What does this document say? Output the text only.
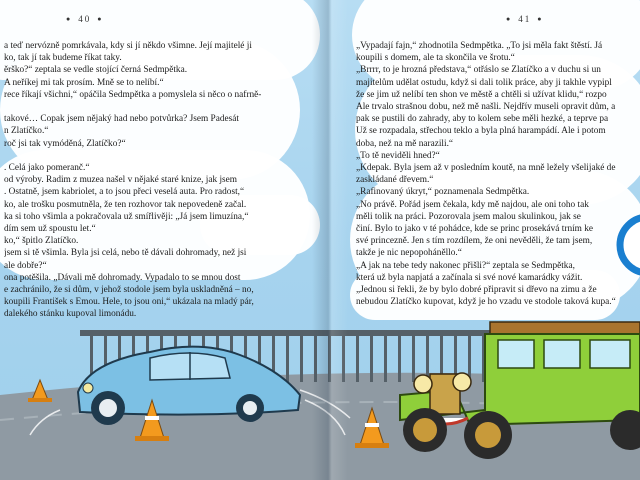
● 40 ●	● 41 ●

a teď nervózně pomrkávala, kdy si jí někdo všimne. Její majitelé ji

ko, tak jí tak budeme říkat taky.

ěrško?“ zeptala se vedle stojící černá Sedmpětka.

A neříkej mi tak prosím. Mně se to nelíbí.“

rece říkají všichni,“ opáčila Sedmpětka a pomyslela si něco o nafrně-

takové… Copak jsem nějaký had nebo potvůrka? Jsem Padesát

n Zlatíčko.“

roč jsi tak vymóděná, Zlatíčko?“

. Celá jako pomeranč.“

od výroby. Radim z muzea našel v nějaké staré knize, jak jsem

. Ostatně, jsem kabriolet, a to jsou přeci veselá auta. Pro radost,“

ko, ale trošku posmutněla, že ten rozhovor tak nepovedeně začal.

ka si toho všimla a pokračovala už smířlivěji: „Já jsem limuzína,“

dím sem už spoustu let.“

ko,“ špitlo Zlatíčko.

jsem si tě všimla. Byla jsi celá, nebo tě dávali dohromady, než jsi

ale dobře?“

ona potěšila. „Dávali mě dohromady. Vypadalo to se mnou dost

e zachránilo, že si dům, v jehož stodole jsem byla uskladněná – no,

koupili František s Emou. Hele, to jsou oni,“ ukázala na mladý pár,

dalekého stánku kupoval limonádu.

„Vypadají fajn,“ zhodnotila Sedmpětka. „To jsi měla fakt štěstí. Já

koupili s domem, ale ta skončila ve šrotu.“

„Brrrr, to je hrozná představa,“ otřáslo se Zlatíčko a v duchu si un

majitelům udělat ostudu, když si dali tolik práce, aby ji takhle vypipl

že se jim už nelíbí ten shon ve městě a chtěli si užívat klidu,“ rozpo

Ale trvalo strašnou dobu, než mě našli. Nejdřív museli opravit dům, a

pak se pustili do zahrady, aby to kolem sebe měli hezké, a teprve pa

Už se rozpadala, střechou teklo a byla plná harampádí. Ale i potom

doba, než na mě narazili.“

„To tě neviděli hned?“

„Kdepak. Byla jsem až v posledním koutě, na mně ležely všelijaké de

zaskládané dřevem.“

„Rafinovaný úkryt,“ poznamenala Sedmpětka.

„No právě. Pořád jsem čekala, kdy mě najdou, ale oni toho tak

měli tolik na práci. Pozorovala jsem malou skulinkou, jak se

činí. Bylo to jako v té pohádce, kde se princ prosekává trním ke

své princezně. Jen s tím rozdílem, že oni nevěděli, že tam jsem,

takže je nic nepopoháněllo.“

„A jak na tebe tedy nakonec přišli?“ zeptala se Sedmpětka,

která už byla napjatá a začínala si své nové kamarádky vážit.

„Jednou si řekli, že by bylo dobré připravit si dřevo na zimu a že

nebudou Zlatíčko kupovat, když je ho vzadu ve stodole taková kupa.“
